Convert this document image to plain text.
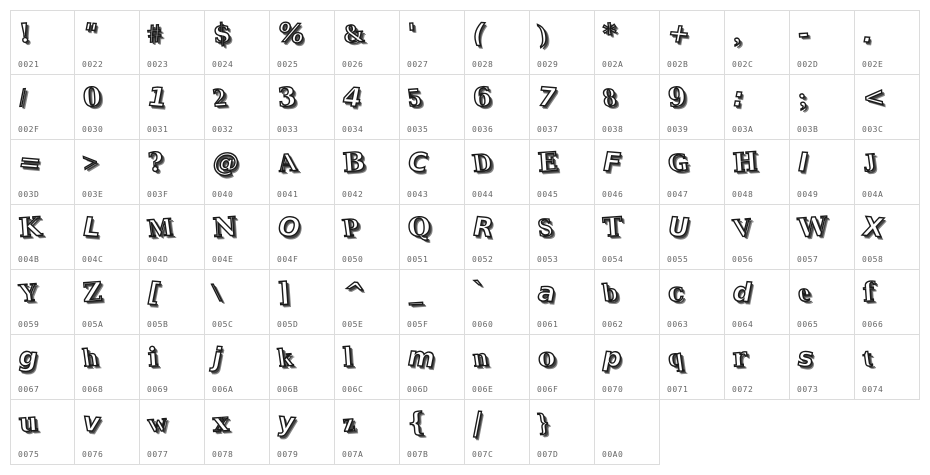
!
0021
"
0022
#
0023
$
0024
%
0025
&
0026
'
0027
(
0028
)
0029
*
002A
+
002B
,
002C
-
002D
.
002E
/
002F
0
0030
1
0031
2
0032
3
0033
4
0034
5
0035
6
0036
7
0037
8
0038
9
0039
:
003A
;
003B
<
003C
=
003D
>
003E
?
003F
@
0040
A
0041
B
0042
C
0043
D
0044
E
0045
F
0046
G
0047
H
0048
I
0049
J
004A
K
004B
L
004C
M
004D
N
004E
O
004F
P
0050
Q
0051
R
0052
S
0053
T
0054
U
0055
V
0056
W
0057
X
0058
Y
0059
Z
005A
[
005B
\
005C
]
005D
^
005E
_
005F
`
0060
a
0061
b
0062
c
0063
d
0064
e
0065
f
0066
g
0067
h
0068
i
0069
j
006A
k
006B
l
006C
m
006D
n
006E
o
006F
p
0070
q
0071
r
0072
s
0073
t
0074
u
0075
v
0076
w
0077
x
0078
y
0079
z
007A
{
007B
|
007C
}
007D	00A0
